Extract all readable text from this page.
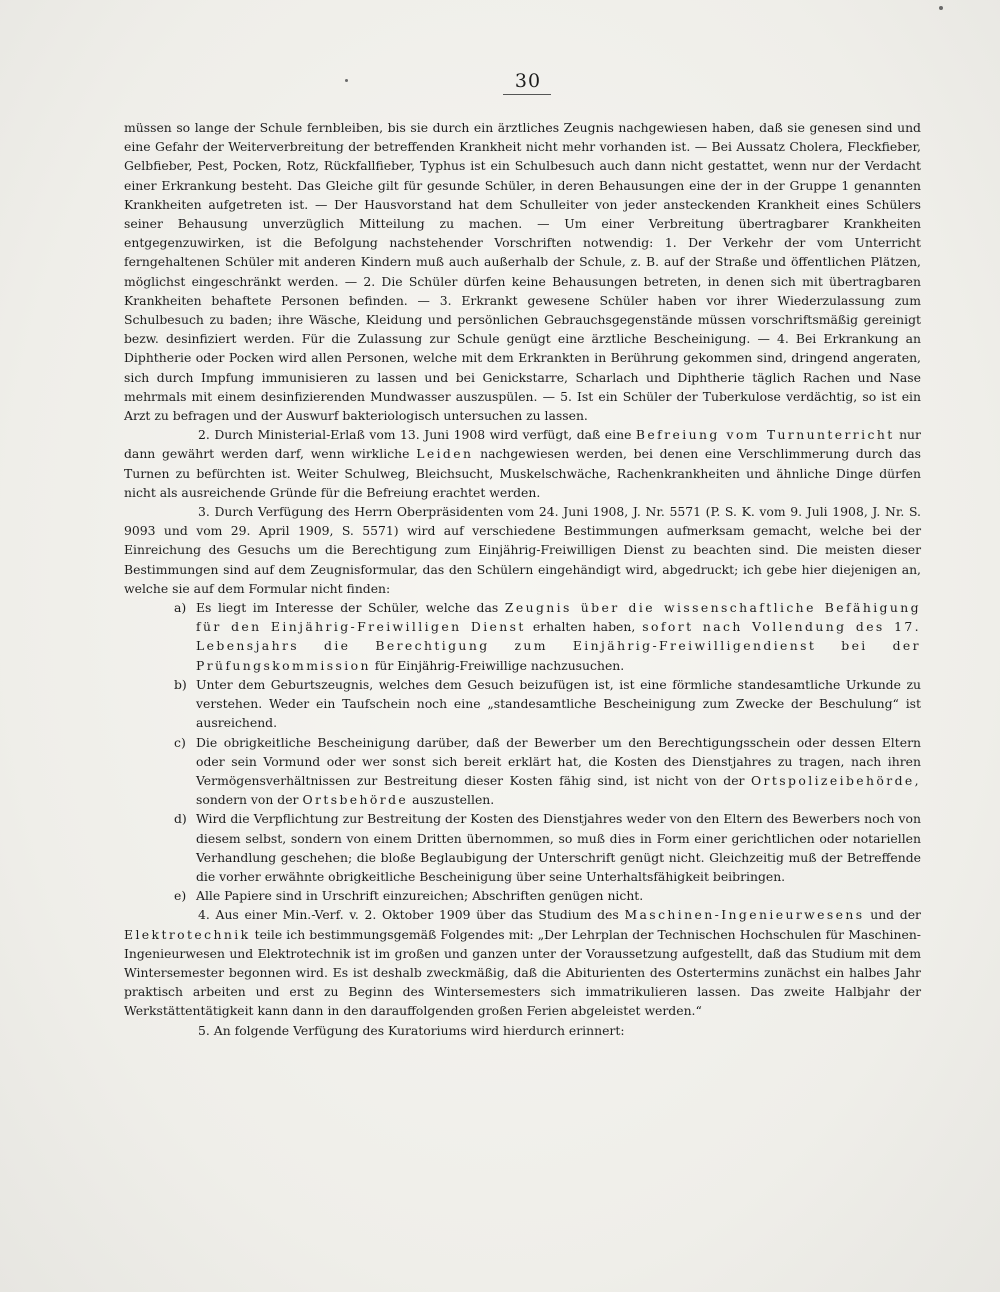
30

müssen so lange der Schule fernbleiben, bis sie durch ein ärztliches Zeugnis nachgewiesen haben, daß sie genesen sind und eine Gefahr der Weiterverbreitung der betreffenden Krankheit nicht mehr vorhanden ist. — Bei Aussatz Cholera, Fleckfieber, Gelbfieber, Pest, Pocken, Rotz, Rückfallfieber, Typhus ist ein Schulbesuch auch dann nicht gestattet, wenn nur der Verdacht einer Erkrankung besteht. Das Gleiche gilt für gesunde Schüler, in deren Behausungen eine der in der Gruppe 1 genannten Krankheiten aufgetreten ist. — Der Hausvorstand hat dem Schulleiter von jeder ansteckenden Krankheit eines Schülers seiner Behausung unverzüglich Mitteilung zu machen. — Um einer Verbreitung übertragbarer Krankheiten entgegenzuwirken, ist die Befolgung nachstehender Vorschriften notwendig: 1. Der Verkehr der vom Unterricht ferngehaltenen Schüler mit anderen Kindern muß auch außerhalb der Schule, z. B. auf der Straße und öffentlichen Plätzen, möglichst eingeschränkt werden. — 2. Die Schüler dürfen keine Behausungen betreten, in denen sich mit übertragbaren Krankheiten behaftete Personen befinden. — 3. Erkrankt gewesene Schüler haben vor ihrer Wiederzulassung zum Schulbesuch zu baden; ihre Wäsche, Kleidung und persönlichen Gebrauchsgegenstände müssen vorschriftsmäßig gereinigt bezw. desinfiziert werden. Für die Zulassung zur Schule genügt eine ärztliche Bescheinigung. — 4. Bei Erkrankung an Diphtherie oder Pocken wird allen Personen, welche mit dem Erkrankten in Berührung gekommen sind, dringend angeraten, sich durch Impfung immunisieren zu lassen und bei Genickstarre, Scharlach und Diphtherie täglich Rachen und Nase mehrmals mit einem desinfizierenden Mundwasser auszuspülen. — 5. Ist ein Schüler der Tuberkulose verdächtig, so ist ein Arzt zu befragen und der Auswurf bakteriologisch untersuchen zu lassen.

2. Durch Ministerial-Erlaß vom 13. Juni 1908 wird verfügt, daß eine Befreiung vom Turnunterricht nur dann gewährt werden darf, wenn wirkliche Leiden nachgewiesen werden, bei denen eine Verschlimmerung durch das Turnen zu befürchten ist. Weiter Schulweg, Bleichsucht, Muskelschwäche, Rachenkrankheiten und ähnliche Dinge dürfen nicht als ausreichende Gründe für die Befreiung erachtet werden.

3. Durch Verfügung des Herrn Oberpräsidenten vom 24. Juni 1908, J. Nr. 5571 (P. S. K. vom 9. Juli 1908, J. Nr. S. 9093 und vom 29. April 1909, S. 5571) wird auf verschiedene Bestimmungen aufmerksam gemacht, welche bei der Einreichung des Gesuchs um die Berechtigung zum Einjährig-Freiwilligen Dienst zu beachten sind. Die meisten dieser Bestimmungen sind auf dem Zeugnisformular, das den Schülern eingehändigt wird, abgedruckt; ich gebe hier diejenigen an, welche sie auf dem Formular nicht finden:

a) Es liegt im Interesse der Schüler, welche das Zeugnis über die wissenschaftliche Befähigung für den Einjährig-Freiwilligen Dienst erhalten haben, sofort nach Vollendung des 17. Lebensjahrs die Berechtigung zum Einjährig-Freiwilligendienst bei der Prüfungskommission für Einjährig-Freiwillige nachzusuchen.
b) Unter dem Geburtszeugnis, welches dem Gesuch beizufügen ist, ist eine förmliche standesamtliche Urkunde zu verstehen. Weder ein Taufschein noch eine „standesamtliche Bescheinigung zum Zwecke der Beschulung“ ist ausreichend.
c) Die obrigkeitliche Bescheinigung darüber, daß der Bewerber um den Berechtigungsschein oder dessen Eltern oder sein Vormund oder wer sonst sich bereit erklärt hat, die Kosten des Dienstjahres zu tragen, nach ihren Vermögensverhältnissen zur Bestreitung dieser Kosten fähig sind, ist nicht von der Ortspolizeibehörde, sondern von der Ortsbehörde auszustellen.
d) Wird die Verpflichtung zur Bestreitung der Kosten des Dienstjahres weder von den Eltern des Bewerbers noch von diesem selbst, sondern von einem Dritten übernommen, so muß dies in Form einer gerichtlichen oder notariellen Verhandlung geschehen; die bloße Beglaubigung der Unterschrift genügt nicht. Gleichzeitig muß der Betreffende die vorher erwähnte obrigkeitliche Bescheinigung über seine Unterhaltsfähigkeit beibringen.
e) Alle Papiere sind in Urschrift einzureichen; Abschriften genügen nicht.

4. Aus einer Min.-Verf. v. 2. Oktober 1909 über das Studium des Maschinen-Ingenieurwesens und der Elektrotechnik teile ich bestimmungsgemäß Folgendes mit: „Der Lehrplan der Technischen Hochschulen für Maschinen-Ingenieurwesen und Elektrotechnik ist im großen und ganzen unter der Voraussetzung aufgestellt, daß das Studium mit dem Wintersemester begonnen wird. Es ist deshalb zweckmäßig, daß die Abiturienten des Ostertermins zunächst ein halbes Jahr praktisch arbeiten und erst zu Beginn des Wintersemesters sich immatrikulieren lassen. Das zweite Halbjahr der Werkstättentätigkeit kann dann in den darauffolgenden großen Ferien abgeleistet werden.“

5. An folgende Verfügung des Kuratoriums wird hierdurch erinnert:
